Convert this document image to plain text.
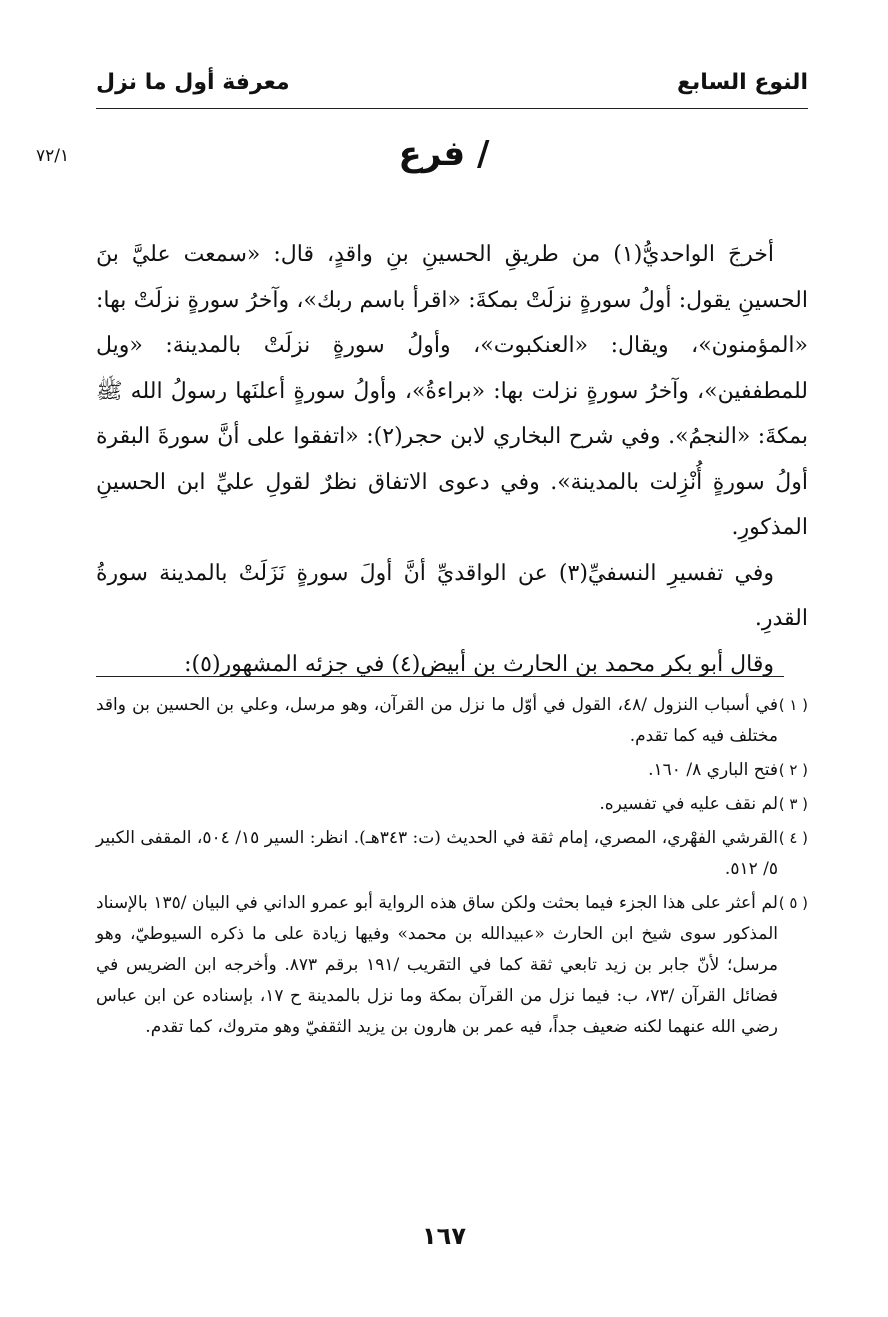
النوع السابع
معرفة أول ما نزل
٧٢/١	/ فرع

أخرجَ الواحديُّ(١) من طريقِ الحسينِ بنِ واقدٍ، قال: «سمعت عليَّ بنَ الحسينِ يقول: أولُ سورةٍ نزلَتْ بمكةَ: «اقرأ باسم ربك»، وآخرُ سورةٍ نزلَتْ بها: «المؤمنون»، ويقال: «العنكبوت»، وأولُ سورةٍ نزلَتْ بالمدينة: «ويل للمطففين»، وآخرُ سورةٍ نزلت بها: «براءةُ»، وأولُ سورةٍ أعلنَها رسولُ الله ﷺ بمكةَ: «النجمُ». وفي شرح البخاري لابن حجر(٢): «اتفقوا على أنَّ سورةَ البقرة أولُ سورةٍ أُنْزِلت بالمدينة». وفي دعوى الاتفاق نظرٌ لقولِ عليِّ ابن الحسينِ المذكورِ.

وفي تفسيرِ النسفيِّ(٣) عن الواقديِّ أنَّ أولَ سورةٍ نَزَلَتْ بالمدينة سورةُ القدرِ.

وقال أبو بكر محمد بن الحارث بن أبيض(٤) في جزئه المشهور(٥):

( ١ )
في أسباب النزول /٤٨، القول في أوّل ما نزل من القرآن، وهو مرسل، وعلي بن الحسين بن واقد مختلف فيه كما تقدم.

( ٢ )
فتح الباري ٨/ ١٦٠.

( ٣ )
لم نقف عليه في تفسيره.

( ٤ )
القرشي الفهْري، المصري، إمام ثقة في الحديث (ت: ٣٤٣هـ). انظر: السير ١٥/ ٥٠٤، المقفى الكبير ٥/ ٥١٢.

( ٥ )
لم أعثر على هذا الجزء فيما بحثت ولكن ساق هذه الرواية أبو عمرو الداني في البيان /١٣٥ بالإسناد المذكور سوى شيخ ابن الحارث «عبيدالله بن محمد» وفيها زيادة على ما ذكره السيوطيّ، وهو مرسل؛ لأنّ جابر بن زيد تابعي ثقة كما في التقريب /١٩١ برقم ٨٧٣. وأخرجه ابن الضريس في فضائل القرآن /٧٣، ب: فيما نزل من القرآن بمكة وما نزل بالمدينة ح ١٧، بإسناده عن ابن عباس رضي الله عنهما لكنه ضعيف جداً، فيه عمر بن هارون بن يزيد الثقفيّ وهو متروك، كما تقدم.

١٦٧
